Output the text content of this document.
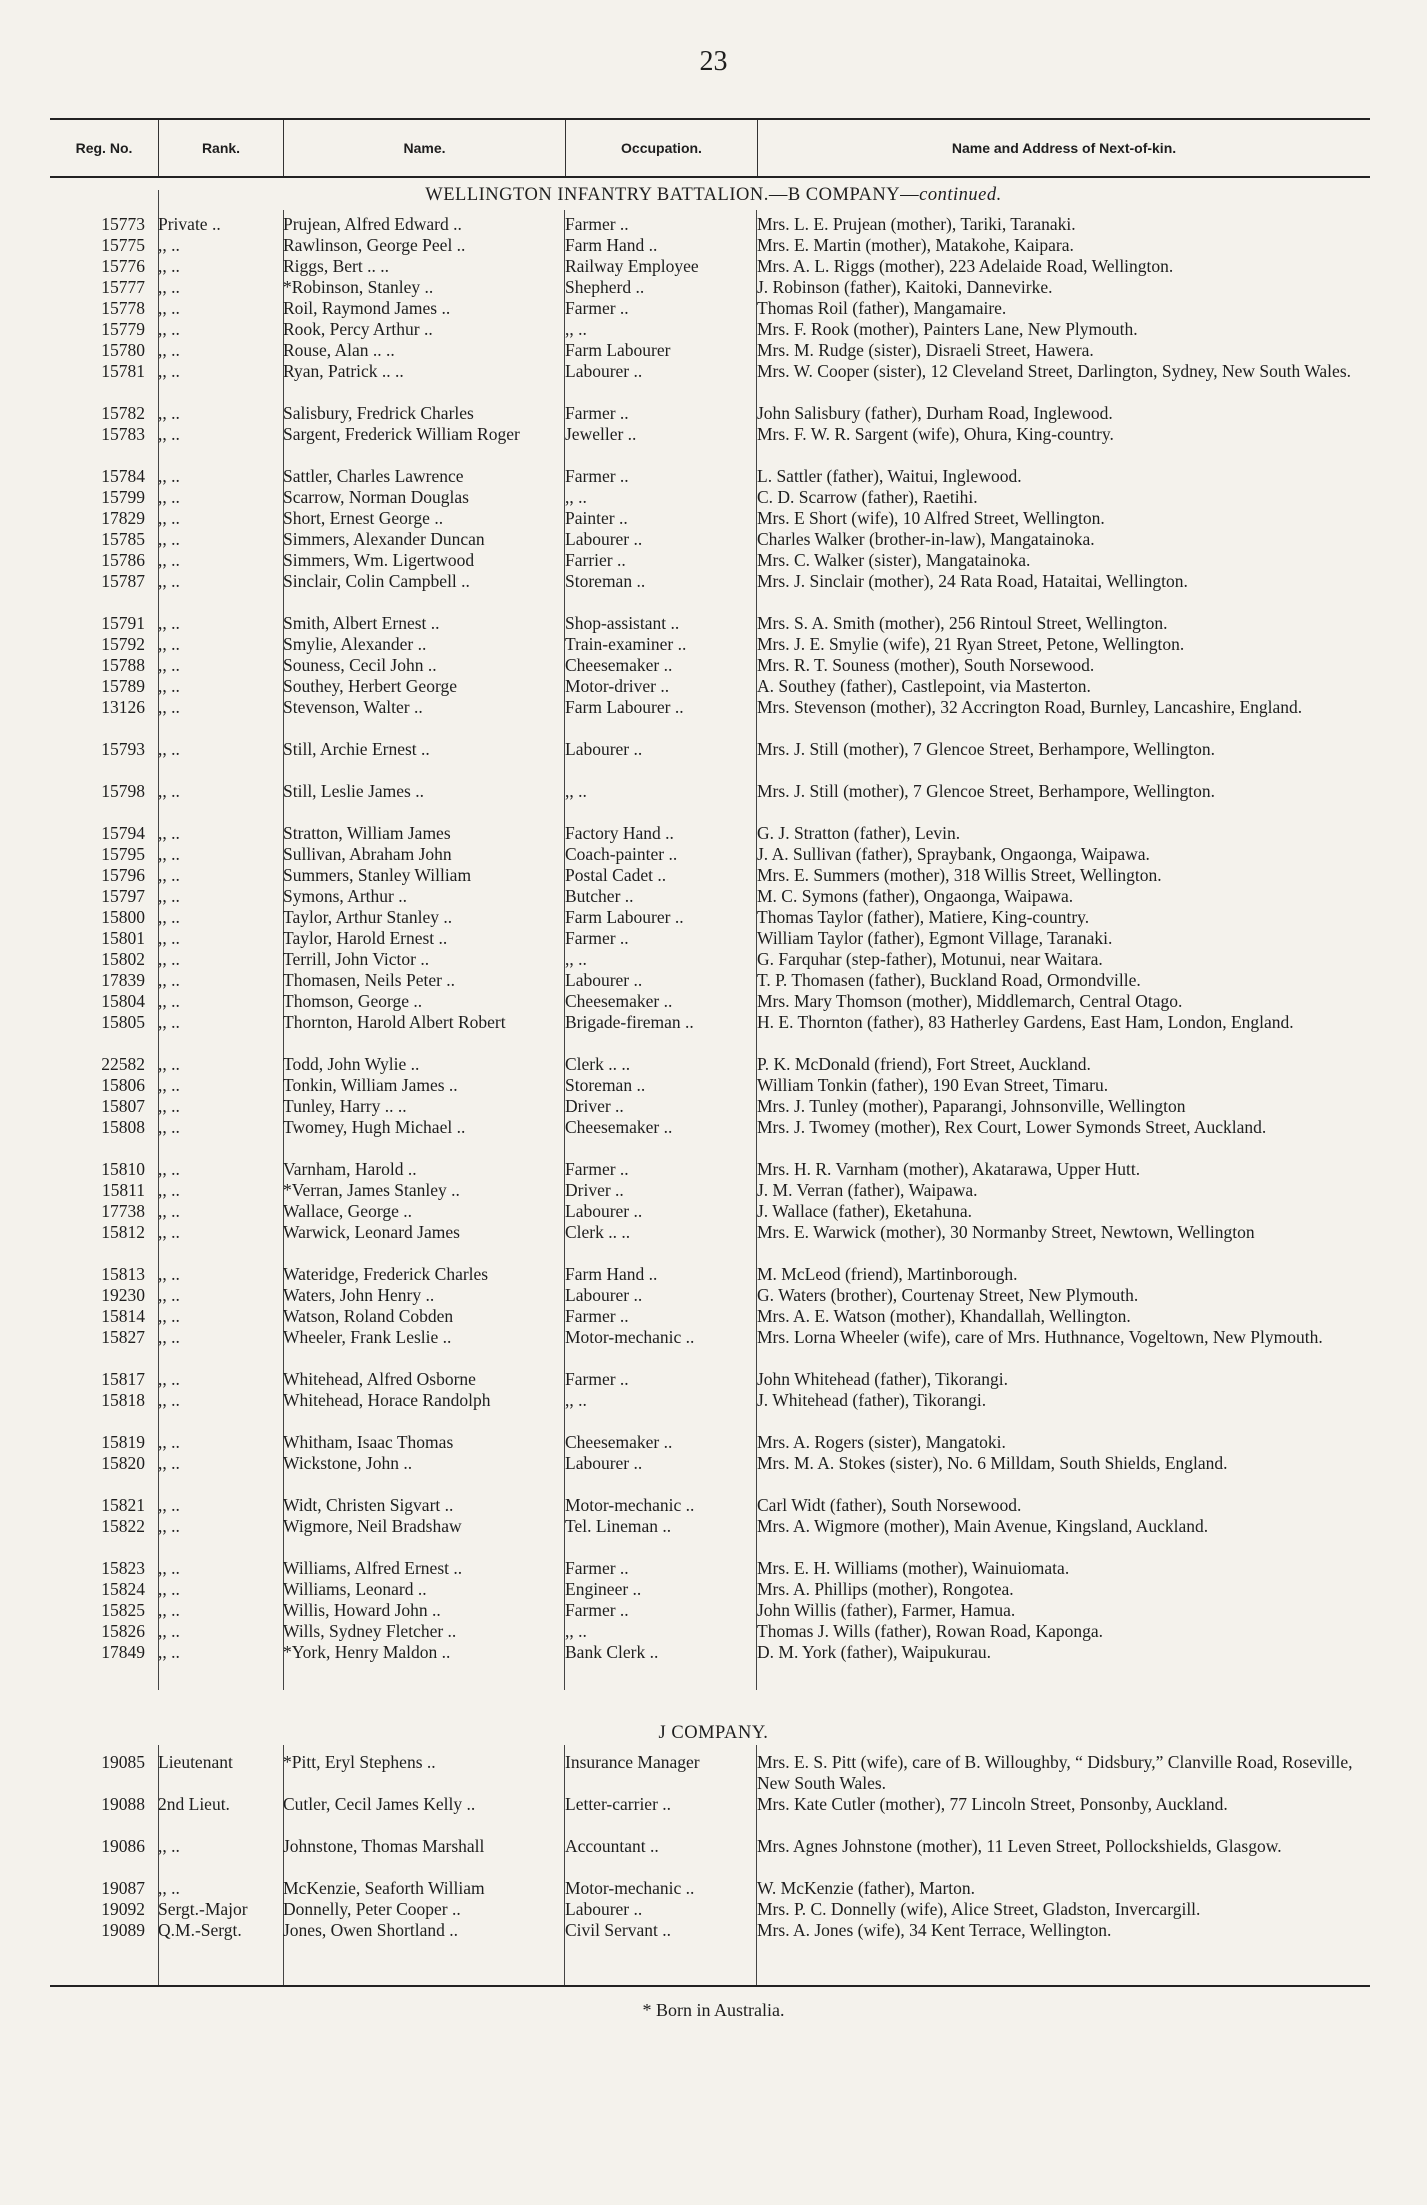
23
Reg. No.	Rank.	Name.	Occupation.	Name and Address of Next-of-kin.
WELLINGTON INFANTRY BATTALION.—B COMPANY—continued.
15773 Private ..	Prujean, Alfred Edward ..	Farmer ..	Mrs. L. E. Prujean (mother), Tariki, Taranaki.
15775 ,, ..	Rawlinson, George Peel ..	Farm Hand ..	Mrs. E. Martin (mother), Matakohe, Kaipara.
15776 ,, ..	Riggs, Bert .. ..	Railway Employee	Mrs. A. L. Riggs (mother), 223 Adelaide Road, Wellington.
15777 ,, ..	*Robinson, Stanley ..	Shepherd ..	J. Robinson (father), Kaitoki, Dannevirke.
15778 ,, ..	Roil, Raymond James ..	Farmer ..	Thomas Roil (father), Mangamaire.
15779 ,, ..	Rook, Percy Arthur ..	,, ..	Mrs. F. Rook (mother), Painters Lane, New Plymouth.
15780 ,, ..	Rouse, Alan .. ..	Farm Labourer	Mrs. M. Rudge (sister), Disraeli Street, Hawera.
15781 ,, ..	Ryan, Patrick .. ..	Labourer ..	Mrs. W. Cooper (sister), 12 Cleveland Street, Darlington, Sydney, New South Wales.
15782 ,, ..	Salisbury, Fredrick Charles	Farmer ..	John Salisbury (father), Durham Road, Inglewood.
15783 ,, ..	Sargent, Frederick William Roger	Jeweller ..	Mrs. F. W. R. Sargent (wife), Ohura, King-country.
15784 ,, ..	Sattler, Charles Lawrence	Farmer ..	L. Sattler (father), Waitui, Inglewood.
15799 ,, ..	Scarrow, Norman Douglas	,, ..	C. D. Scarrow (father), Raetihi.
17829 ,, ..	Short, Ernest George ..	Painter ..	Mrs. E Short (wife), 10 Alfred Street, Wellington.
15785 ,, ..	Simmers, Alexander Duncan	Labourer ..	Charles Walker (brother-in-law), Mangatainoka.
15786 ,, ..	Simmers, Wm. Ligertwood	Farrier ..	Mrs. C. Walker (sister), Mangatainoka.
15787 ,, ..	Sinclair, Colin Campbell ..	Storeman ..	Mrs. J. Sinclair (mother), 24 Rata Road, Hataitai, Wellington.
15791 ,, ..	Smith, Albert Ernest ..	Shop-assistant ..	Mrs. S. A. Smith (mother), 256 Rintoul Street, Wellington.
15792 ,, ..	Smylie, Alexander ..	Train-examiner ..	Mrs. J. E. Smylie (wife), 21 Ryan Street, Petone, Wellington.
15788 ,, ..	Souness, Cecil John ..	Cheesemaker ..	Mrs. R. T. Souness (mother), South Norsewood.
15789 ,, ..	Southey, Herbert George	Motor-driver ..	A. Southey (father), Castlepoint, via Masterton.
13126 ,, ..	Stevenson, Walter ..	Farm Labourer ..	Mrs. Stevenson (mother), 32 Accrington Road, Burnley, Lancashire, England.
15793 ,, ..	Still, Archie Ernest ..	Labourer ..	Mrs. J. Still (mother), 7 Glencoe Street, Berhampore, Wellington.
15798 ,, ..	Still, Leslie James ..	,, ..	Mrs. J. Still (mother), 7 Glencoe Street, Berhampore, Wellington.
15794 ,, ..	Stratton, William James	Factory Hand ..	G. J. Stratton (father), Levin.
15795 ,, ..	Sullivan, Abraham John	Coach-painter ..	J. A. Sullivan (father), Spraybank, Ongaonga, Waipawa.
15796 ,, ..	Summers, Stanley William	Postal Cadet ..	Mrs. E. Summers (mother), 318 Willis Street, Wellington.
15797 ,, ..	Symons, Arthur ..	Butcher ..	M. C. Symons (father), Ongaonga, Waipawa.
15800 ,, ..	Taylor, Arthur Stanley ..	Farm Labourer ..	Thomas Taylor (father), Matiere, King-country.
15801 ,, ..	Taylor, Harold Ernest ..	Farmer ..	William Taylor (father), Egmont Village, Taranaki.
15802 ,, ..	Terrill, John Victor ..	,, ..	G. Farquhar (step-father), Motunui, near Waitara.
17839 ,, ..	Thomasen, Neils Peter ..	Labourer ..	T. P. Thomasen (father), Buckland Road, Ormondville.
15804 ,, ..	Thomson, George ..	Cheesemaker ..	Mrs. Mary Thomson (mother), Middlemarch, Central Otago.
15805 ,, ..	Thornton, Harold Albert Robert	Brigade-fireman ..	H. E. Thornton (father), 83 Hatherley Gardens, East Ham, London, England.
22582 ,, ..	Todd, John Wylie ..	Clerk .. ..	P. K. McDonald (friend), Fort Street, Auckland.
15806 ,, ..	Tonkin, William James ..	Storeman ..	William Tonkin (father), 190 Evan Street, Timaru.
15807 ,, ..	Tunley, Harry .. ..	Driver ..	Mrs. J. Tunley (mother), Paparangi, Johnsonville, Wellington
15808 ,, ..	Twomey, Hugh Michael ..	Cheesemaker ..	Mrs. J. Twomey (mother), Rex Court, Lower Symonds Street, Auckland.
15810 ,, ..	Varnham, Harold ..	Farmer ..	Mrs. H. R. Varnham (mother), Akatarawa, Upper Hutt.
15811 ,, ..	*Verran, James Stanley ..	Driver ..	J. M. Verran (father), Waipawa.
17738 ,, ..	Wallace, George ..	Labourer ..	J. Wallace (father), Eketahuna.
15812 ,, ..	Warwick, Leonard James	Clerk .. ..	Mrs. E. Warwick (mother), 30 Normanby Street, Newtown, Wellington
15813 ,, ..	Wateridge, Frederick Charles	Farm Hand ..	M. McLeod (friend), Martinborough.
19230 ,, ..	Waters, John Henry ..	Labourer ..	G. Waters (brother), Courtenay Street, New Plymouth.
15814 ,, ..	Watson, Roland Cobden	Farmer ..	Mrs. A. E. Watson (mother), Khandallah, Wellington.
15827 ,, ..	Wheeler, Frank Leslie ..	Motor-mechanic ..	Mrs. Lorna Wheeler (wife), care of Mrs. Huthnance, Vogeltown, New Plymouth.
15817 ,, ..	Whitehead, Alfred Osborne	Farmer ..	John Whitehead (father), Tikorangi.
15818 ,, ..	Whitehead, Horace Randolph	,, ..	J. Whitehead (father), Tikorangi.
15819 ,, ..	Whitham, Isaac Thomas	Cheesemaker ..	Mrs. A. Rogers (sister), Mangatoki.
15820 ,, ..	Wickstone, John ..	Labourer ..	Mrs. M. A. Stokes (sister), No. 6 Milldam, South Shields, England.
15821 ,, ..	Widt, Christen Sigvart ..	Motor-mechanic ..	Carl Widt (father), South Norsewood.
15822 ,, ..	Wigmore, Neil Bradshaw	Tel. Lineman ..	Mrs. A. Wigmore (mother), Main Avenue, Kingsland, Auckland.
15823 ,, ..	Williams, Alfred Ernest ..	Farmer ..	Mrs. E. H. Williams (mother), Wainuiomata.
15824 ,, ..	Williams, Leonard ..	Engineer ..	Mrs. A. Phillips (mother), Rongotea.
15825 ,, ..	Willis, Howard John ..	Farmer ..	John Willis (father), Farmer, Hamua.
15826 ,, ..	Wills, Sydney Fletcher ..	,, ..	Thomas J. Wills (father), Rowan Road, Kaponga.
17849 ,, ..	*York, Henry Maldon ..	Bank Clerk ..	D. M. York (father), Waipukurau.
J COMPANY.
19085 Lieutenant	*Pitt, Eryl Stephens ..	Insurance Manager	Mrs. E. S. Pitt (wife), care of B. Willoughby, “ Didsbury,” Clanville Road, Roseville, New South Wales.
19088 2nd Lieut.	Cutler, Cecil James Kelly ..	Letter-carrier ..	Mrs. Kate Cutler (mother), 77 Lincoln Street, Ponsonby, Auckland.
19086 ,, ..	Johnstone, Thomas Marshall	Accountant ..	Mrs. Agnes Johnstone (mother), 11 Leven Street, Pollockshields, Glasgow.
19087 ,, ..	McKenzie, Seaforth William	Motor-mechanic ..	W. McKenzie (father), Marton.
19092 Sergt.-Major	Donnelly, Peter Cooper ..	Labourer ..	Mrs. P. C. Donnelly (wife), Alice Street, Gladston, Invercargill.
19089 Q.M.-Sergt.	Jones, Owen Shortland ..	Civil Servant ..	Mrs. A. Jones (wife), 34 Kent Terrace, Wellington.
* Born in Australia.
